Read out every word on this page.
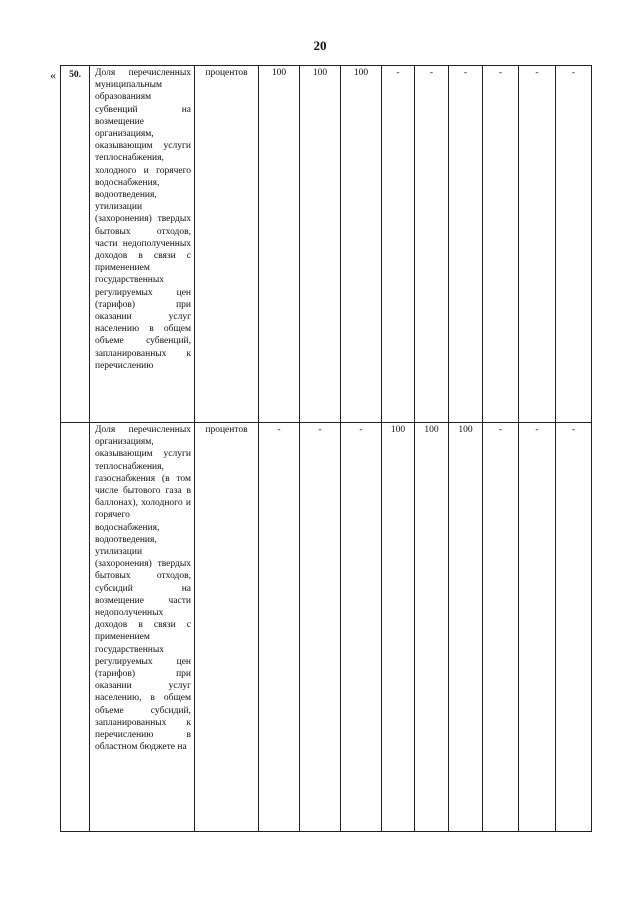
20
« 50.	Доля перечисленных муниципальным образованиям субвенций на возмещение организациям, оказывающим услуги теплоснабжения, холодного и горячего водоснабжения, водоотведения, утилизации (захоронения) твердых бытовых отходов, части недополученных доходов в связи с применением государственных регулируемых цен (тарифов) при оказании услуг населению в общем объеме субвенций, запланированных к перечислению	процентов	100	100	100	-	-	-	-	-	-

	Доля перечисленных организациям, оказывающим услуги теплоснабжения, газоснабжения (в том числе бытового газа в баллонах), холодного и горячего водоснабжения, водоотведения, утилизации (захоронения) твердых бытовых отходов, субсидий на возмещение части недополученных доходов в связи с применением государственных регулируемых цен (тарифов) при оказании услуг населению, в общем объеме субсидий, запланированных к перечислению в областном бюджете на	процентов	-	-	-	100	100	100	-	-	-
